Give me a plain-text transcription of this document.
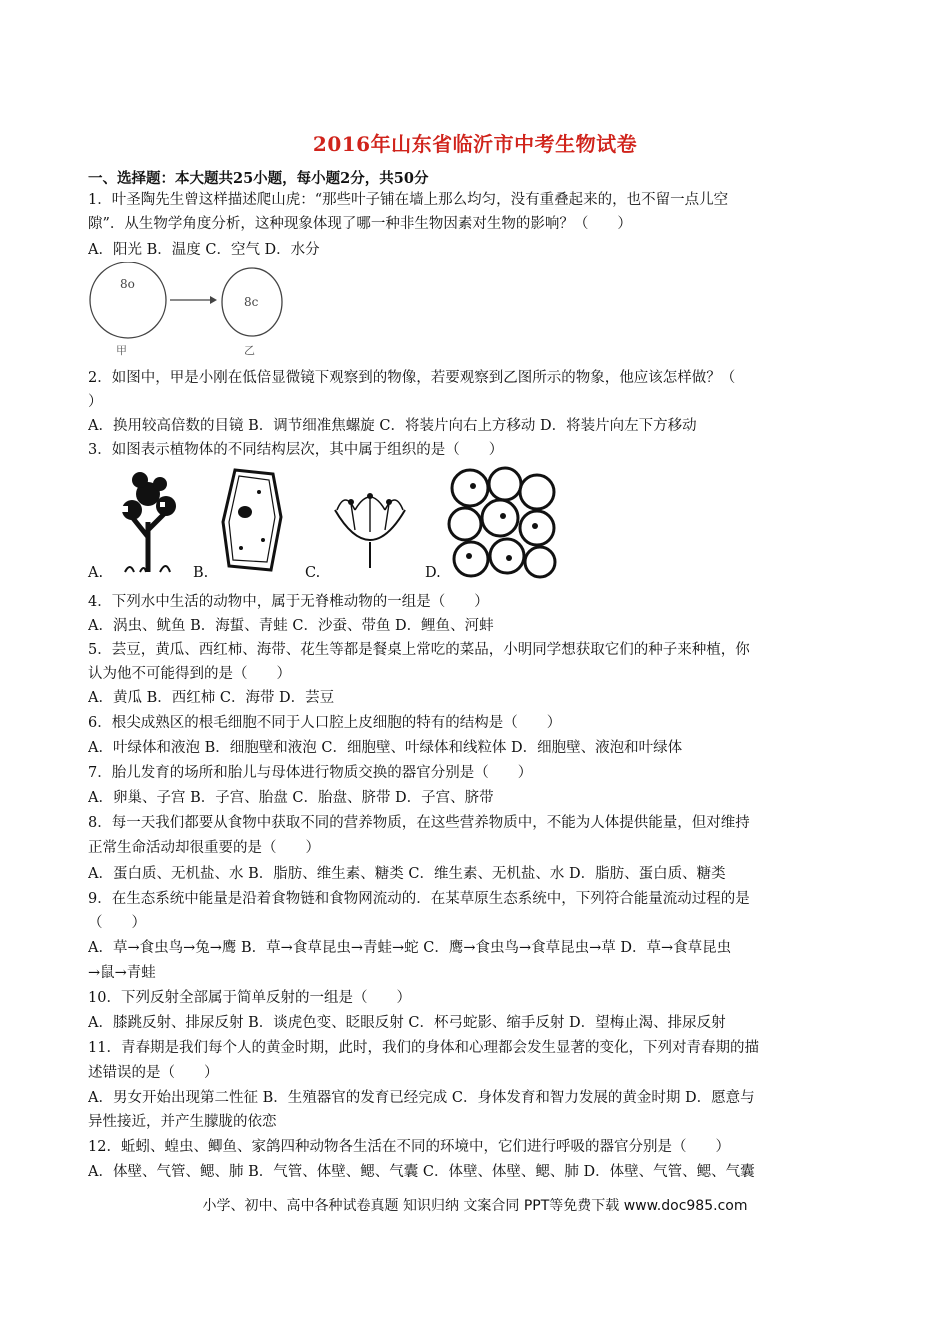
2016年山东省临沂市中考生物试卷
一、选择题：本大题共25小题，每小题2分，共50分
1．叶圣陶先生曾这样描述爬山虎：“那些叶子铺在墙上那么均匀，没有重叠起来的，也不留一点儿空
隙”．从生物学角度分析，这种现象体现了哪一种非生物因素对生物的影响？（　　）
A．阳光 B．温度 C．空气 D．水分
8o
8c
甲	乙
2．如图中，甲是小刚在低倍显微镜下观察到的物像，若要观察到乙图所示的物象，他应该怎样做？（
）
A．换用较高倍数的目镜 B．调节细准焦螺旋 C．将装片向右上方移动 D．将装片向左下方移动
3．如图表示植物体的不同结构层次，其中属于组织的是（　　）
A.	B.	C.	D.
4．下列水中生活的动物中，属于无脊椎动物的一组是（　　）
A．涡虫、鱿鱼 B．海蜇、青蛙 C．沙蚕、带鱼 D．鲤鱼、河蚌
5．芸豆，黄瓜、西红柿、海带、花生等都是餐桌上常吃的菜品，小明同学想获取它们的种子来种植，你
认为他不可能得到的是（　　）
A．黄瓜 B．西红柿 C．海带 D．芸豆
6．根尖成熟区的根毛细胞不同于人口腔上皮细胞的特有的结构是（　　）
A．叶绿体和液泡 B．细胞壁和液泡 C．细胞壁、叶绿体和线粒体 D．细胞壁、液泡和叶绿体
7．胎儿发育的场所和胎儿与母体进行物质交换的器官分别是（　　）
A．卵巢、子宫 B．子宫、胎盘 C．胎盘、脐带 D．子宫、脐带
8．每一天我们都要从食物中获取不同的营养物质，在这些营养物质中，不能为人体提供能量，但对维持
正常生命活动却很重要的是（　　）
A．蛋白质、无机盐、水 B．脂肪、维生素、糖类 C．维生素、无机盐、水 D．脂肪、蛋白质、糖类
9．在生态系统中能量是沿着食物链和食物网流动的．在某草原生态系统中，下列符合能量流动过程的是
（　　）
A．草→食虫鸟→兔→鹰 B．草→食草昆虫→青蛙→蛇 C．鹰→食虫鸟→食草昆虫→草 D．草→食草昆虫
→鼠→青蛙
10．下列反射全部属于简单反射的一组是（　　）
A．膝跳反射、排尿反射 B．谈虎色变、眨眼反射 C．杯弓蛇影、缩手反射 D．望梅止渴、排尿反射
11．青春期是我们每个人的黄金时期，此时，我们的身体和心理都会发生显著的变化，下列对青春期的描
述错误的是（　　）
A．男女开始出现第二性征 B．生殖器官的发育已经完成 C．身体发育和智力发展的黄金时期 D．愿意与
异性接近，并产生朦胧的依恋
12．蚯蚓、蝗虫、鲫鱼、家鸽四种动物各生活在不同的环境中，它们进行呼吸的器官分别是（　　）
A．体壁、气管、鳃、肺 B．气管、体壁、鳃、气囊 C．体壁、体壁、鳃、肺 D．体壁、气管、鳃、气囊
小学、初中、高中各种试卷真题 知识归纳 文案合同 PPT等免费下载 www.doc985.com
